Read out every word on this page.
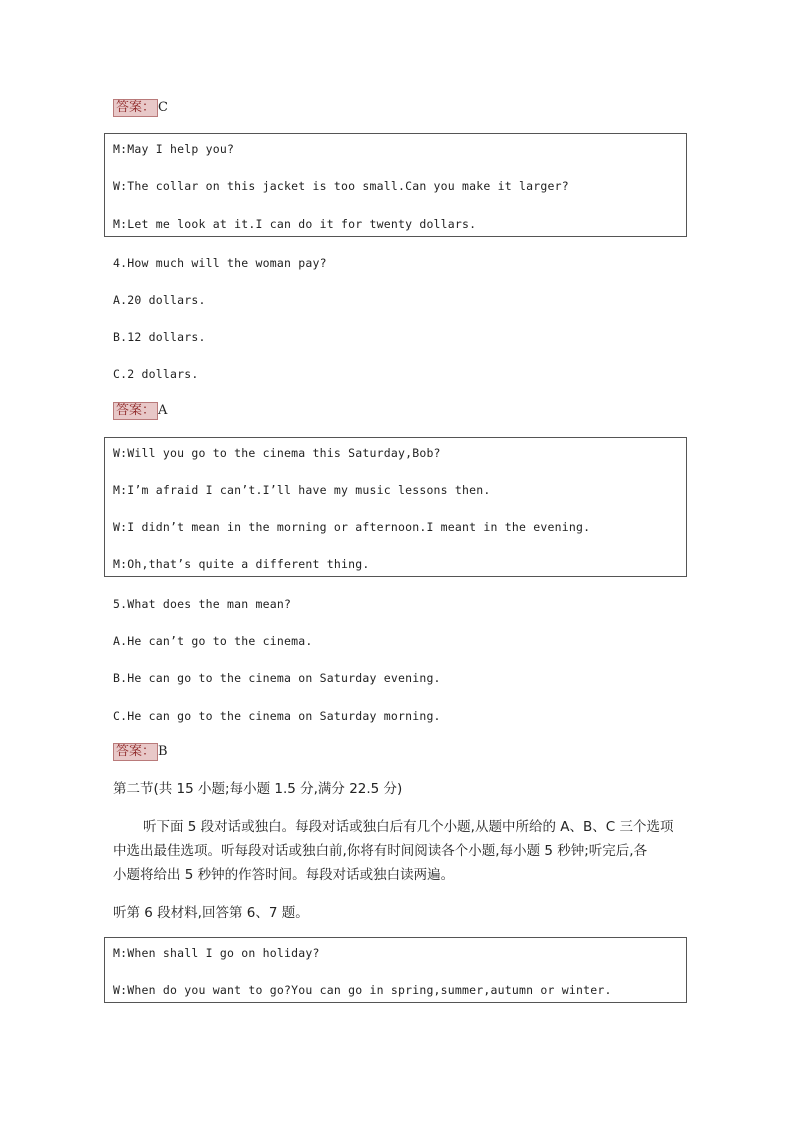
答案： C
M:May I help you?
W:The collar on this jacket is too small.Can you make it larger?
M:Let me look at it.I can do it for twenty dollars.
4.How much will the woman pay?
A.20 dollars.
B.12 dollars.
C.2 dollars.
答案： A
W:Will you go to the cinema this Saturday,Bob?
M:I’m afraid I can’t.I’ll have my music lessons then.
W:I didn’t mean in the morning or afternoon.I meant in the evening.
M:Oh,that’s quite a different thing.
5.What does the man mean?
A.He can’t go to the cinema.
B.He can go to the cinema on Saturday evening.
C.He can go to the cinema on Saturday morning.
答案： B
第二节(共 15 小题;每小题 1.5 分,满分 22.5 分)
听下面 5 段对话或独白。每段对话或独白后有几个小题,从题中所给的 A、B、C 三个选项
中选出最佳选项。听每段对话或独白前,你将有时间阅读各个小题,每小题 5 秒钟;听完后,各
小题将给出 5 秒钟的作答时间。每段对话或独白读两遍。
听第 6 段材料,回答第 6、7 题。
M:When shall I go on holiday?
W:When do you want to go?You can go in spring,summer,autumn or winter.
